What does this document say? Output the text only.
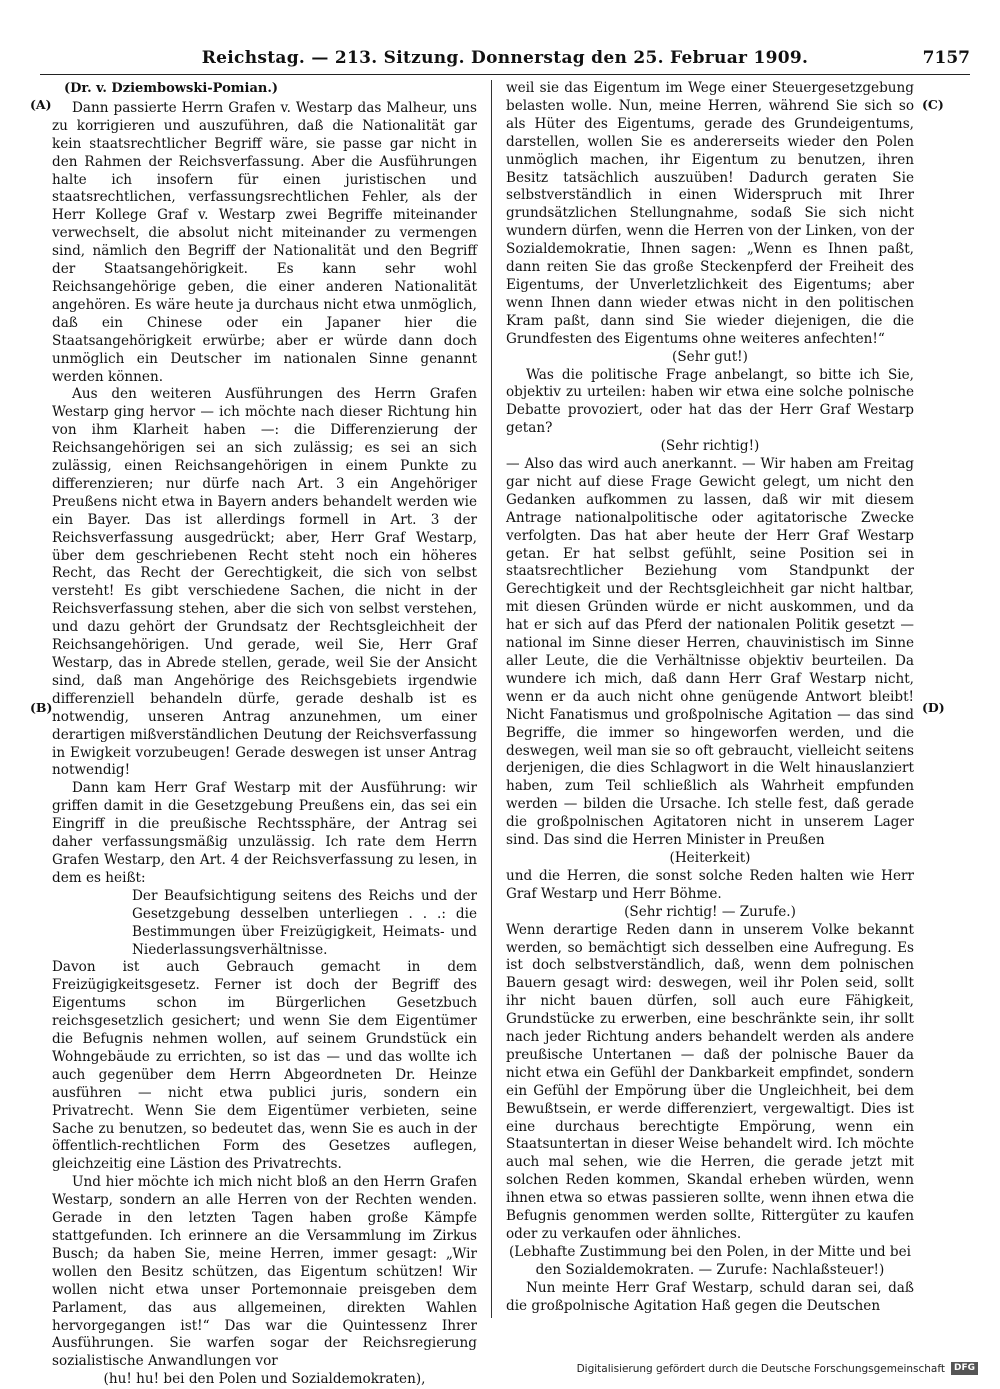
Reichstag. — 213. Sitzung. Donnerstag den 25. Februar 1909.	7157
(A)
(B)
(C)
(D)

(Dr. v. Dziembowski-Pomian.)

Dann passierte Herrn Grafen v. Westarp das Malheur, uns zu korrigieren und auszuführen, daß die Nationalität gar kein staatsrechtlicher Begriff wäre, sie passe gar nicht in den Rahmen der Reichsverfassung. Aber die Ausführungen halte ich insofern für einen juristischen und staatsrechtlichen, verfassungsrechtlichen Fehler, als der Herr Kollege Graf v. Westarp zwei Begriffe miteinander verwechselt, die absolut nicht miteinander zu vermengen sind, nämlich den Begriff der Nationalität und den Begriff der Staatsangehörigkeit. Es kann sehr wohl Reichsangehörige geben, die einer anderen Nationalität angehören. Es wäre heute ja durchaus nicht etwa unmöglich, daß ein Chinese oder ein Japaner hier die Staatsangehörigkeit erwürbe; aber er würde dann doch unmöglich ein Deutscher im nationalen Sinne genannt werden können.

Aus den weiteren Ausführungen des Herrn Grafen Westarp ging hervor — ich möchte nach dieser Richtung hin von ihm Klarheit haben —: die Differenzierung der Reichsangehörigen sei an sich zulässig; es sei an sich zulässig, einen Reichsangehörigen in einem Punkte zu differenzieren; nur dürfe nach Art. 3 ein Angehöriger Preußens nicht etwa in Bayern anders behandelt werden wie ein Bayer. Das ist allerdings formell in Art. 3 der Reichsverfassung ausgedrückt; aber, Herr Graf Westarp, über dem geschriebenen Recht steht noch ein höheres Recht, das Recht der Gerechtigkeit, die sich von selbst versteht! Es gibt verschiedene Sachen, die nicht in der Reichsverfassung stehen, aber die sich von selbst verstehen, und dazu gehört der Grundsatz der Rechtsgleichheit der Reichsangehörigen. Und gerade, weil Sie, Herr Graf Westarp, das in Abrede stellen, gerade, weil Sie der Ansicht sind, daß man Angehörige des Reichsgebiets irgendwie differenziell behandeln dürfe, gerade deshalb ist es notwendig, unseren Antrag anzunehmen, um einer derartigen mißverständlichen Deutung der Reichsverfassung in Ewigkeit vorzubeugen! Gerade deswegen ist unser Antrag notwendig!

Dann kam Herr Graf Westarp mit der Ausführung: wir griffen damit in die Gesetzgebung Preußens ein, das sei ein Eingriff in die preußische Rechtssphäre, der Antrag sei daher verfassungsmäßig unzulässig. Ich rate dem Herrn Grafen Westarp, den Art. 4 der Reichsverfassung zu lesen, in dem es heißt:

Der Beaufsichtigung seitens des Reichs und der Gesetzgebung desselben unterliegen . . .: die Bestimmungen über Freizügigkeit, Heimats- und Niederlassungsverhältnisse.

Davon ist auch Gebrauch gemacht in dem Freizügigkeitsgesetz. Ferner ist doch der Begriff des Eigentums schon im Bürgerlichen Gesetzbuch reichsgesetzlich gesichert; und wenn Sie dem Eigentümer die Befugnis nehmen wollen, auf seinem Grundstück ein Wohngebäude zu errichten, so ist das — und das wollte ich auch gegenüber dem Herrn Abgeordneten Dr. Heinze ausführen — nicht etwa publici juris, sondern ein Privatrecht. Wenn Sie dem Eigentümer verbieten, seine Sache zu benutzen, so bedeutet das, wenn Sie es auch in der öffentlich-rechtlichen Form des Gesetzes auflegen, gleichzeitig eine Lästion des Privatrechts.

Und hier möchte ich mich nicht bloß an den Herrn Grafen Westarp, sondern an alle Herren von der Rechten wenden. Gerade in den letzten Tagen haben große Kämpfe stattgefunden. Ich erinnere an die Versammlung im Zirkus Busch; da haben Sie, meine Herren, immer gesagt: „Wir wollen den Besitz schützen, das Eigentum schützen! Wir wollen nicht etwa unser Portemonnaie preisgeben dem Parlament, das aus allgemeinen, direkten Wahlen hervorgegangen ist!“ Das war die Quintessenz Ihrer Ausführungen. Sie warfen sogar der Reichsregierung sozialistische Anwandlungen vor

(hu! hu! bei den Polen und Sozialdemokraten),

weil sie das Eigentum im Wege einer Steuergesetzgebung belasten wolle. Nun, meine Herren, während Sie sich so als Hüter des Eigentums, gerade des Grundeigentums, darstellen, wollen Sie es andererseits wieder den Polen unmöglich machen, ihr Eigentum zu benutzen, ihren Besitz tatsächlich auszuüben! Dadurch geraten Sie selbstverständlich in einen Widerspruch mit Ihrer grundsätzlichen Stellungnahme, sodaß Sie sich nicht wundern dürfen, wenn die Herren von der Linken, von der Sozialdemokratie, Ihnen sagen: „Wenn es Ihnen paßt, dann reiten Sie das große Steckenpferd der Freiheit des Eigentums, der Unverletzlichkeit des Eigentums; aber wenn Ihnen dann wieder etwas nicht in den politischen Kram paßt, dann sind Sie wieder diejenigen, die die Grundfesten des Eigentums ohne weiteres anfechten!“

(Sehr gut!)

Was die politische Frage anbelangt, so bitte ich Sie, objektiv zu urteilen: haben wir etwa eine solche polnische Debatte provoziert, oder hat das der Herr Graf Westarp getan?

(Sehr richtig!)

— Also das wird auch anerkannt. — Wir haben am Freitag gar nicht auf diese Frage Gewicht gelegt, um nicht den Gedanken aufkommen zu lassen, daß wir mit diesem Antrage nationalpolitische oder agitatorische Zwecke verfolgten. Das hat aber heute der Herr Graf Westarp getan. Er hat selbst gefühlt, seine Position sei in staatsrechtlicher Beziehung vom Standpunkt der Gerechtigkeit und der Rechtsgleichheit gar nicht haltbar, mit diesen Gründen würde er nicht auskommen, und da hat er sich auf das Pferd der nationalen Politik gesetzt — national im Sinne dieser Herren, chauvinistisch im Sinne aller Leute, die die Verhältnisse objektiv beurteilen. Da wundere ich mich, daß dann Herr Graf Westarp nicht, wenn er da auch nicht ohne genügende Antwort bleibt! Nicht Fanatismus und großpolnische Agitation — das sind Begriffe, die immer so hingeworfen werden, und die deswegen, weil man sie so oft gebraucht, vielleicht seitens derjenigen, die dies Schlagwort in die Welt hinauslanziert haben, zum Teil schließlich als Wahrheit empfunden werden — bilden die Ursache. Ich stelle fest, daß gerade die großpolnischen Agitatoren nicht in unserem Lager sind. Das sind die Herren Minister in Preußen

(Heiterkeit)

und die Herren, die sonst solche Reden halten wie Herr Graf Westarp und Herr Böhme.

(Sehr richtig! — Zurufe.)

Wenn derartige Reden dann in unserem Volke bekannt werden, so bemächtigt sich desselben eine Aufregung. Es ist doch selbstverständlich, daß, wenn dem polnischen Bauern gesagt wird: deswegen, weil ihr Polen seid, sollt ihr nicht bauen dürfen, soll auch eure Fähigkeit, Grundstücke zu erwerben, eine beschränkte sein, ihr sollt nach jeder Richtung anders behandelt werden als andere preußische Untertanen — daß der polnische Bauer da nicht etwa ein Gefühl der Dankbarkeit empfindet, sondern ein Gefühl der Empörung über die Ungleichheit, bei dem Bewußtsein, er werde differenziert, vergewaltigt. Dies ist eine durchaus berechtigte Empörung, wenn ein Staatsuntertan in dieser Weise behandelt wird. Ich möchte auch mal sehen, wie die Herren, die gerade jetzt mit solchen Reden kommen, Skandal erheben würden, wenn ihnen etwa so etwas passieren sollte, wenn ihnen etwa die Befugnis genommen werden sollte, Rittergüter zu kaufen oder zu verkaufen oder ähnliches.

(Lebhafte Zustimmung bei den Polen, in der Mitte und bei den Sozialdemokraten. — Zurufe: Nachlaßsteuer!)

Nun meinte Herr Graf Westarp, schuld daran sei, daß die großpolnische Agitation Haß gegen die Deutschen

Digitalisierung gefördert durch die Deutsche Forschungsgemeinschaft	DFG
